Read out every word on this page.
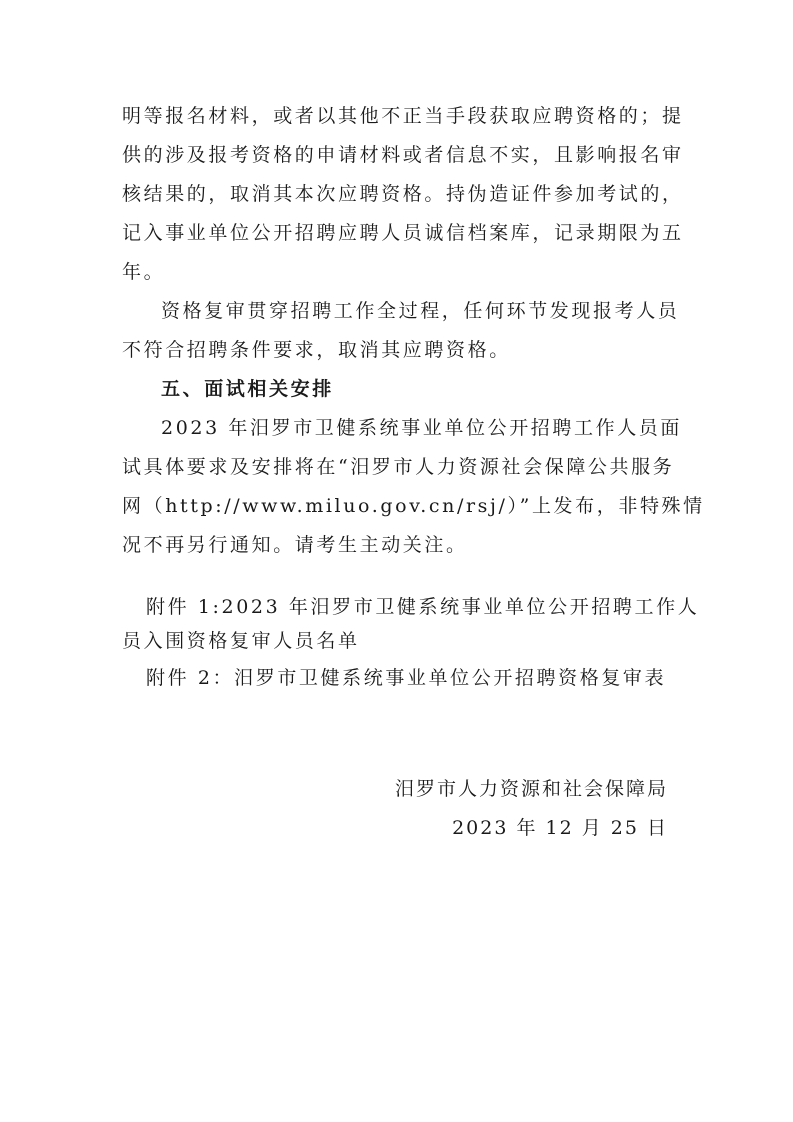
明等报名材料，或者以其他不正当手段获取应聘资格的；提
供的涉及报考资格的申请材料或者信息不实，且影响报名审
核结果的，取消其本次应聘资格。持伪造证件参加考试的，
记入事业单位公开招聘应聘人员诚信档案库，记录期限为五
年。
资格复审贯穿招聘工作全过程，任何环节发现报考人员
不符合招聘条件要求，取消其应聘资格。
五、面试相关安排
2023 年汨罗市卫健系统事业单位公开招聘工作人员面
试具体要求及安排将在“汨罗市人力资源社会保障公共服务
网（http://www.miluo.gov.cn/rsj/）”上发布，非特殊情
况不再另行通知。请考生主动关注。
附件 1:2023 年汨罗市卫健系统事业单位公开招聘工作人
员入围资格复审人员名单
附件 2：汨罗市卫健系统事业单位公开招聘资格复审表
汨罗市人力资源和社会保障局
2023 年 12 月 25 日
